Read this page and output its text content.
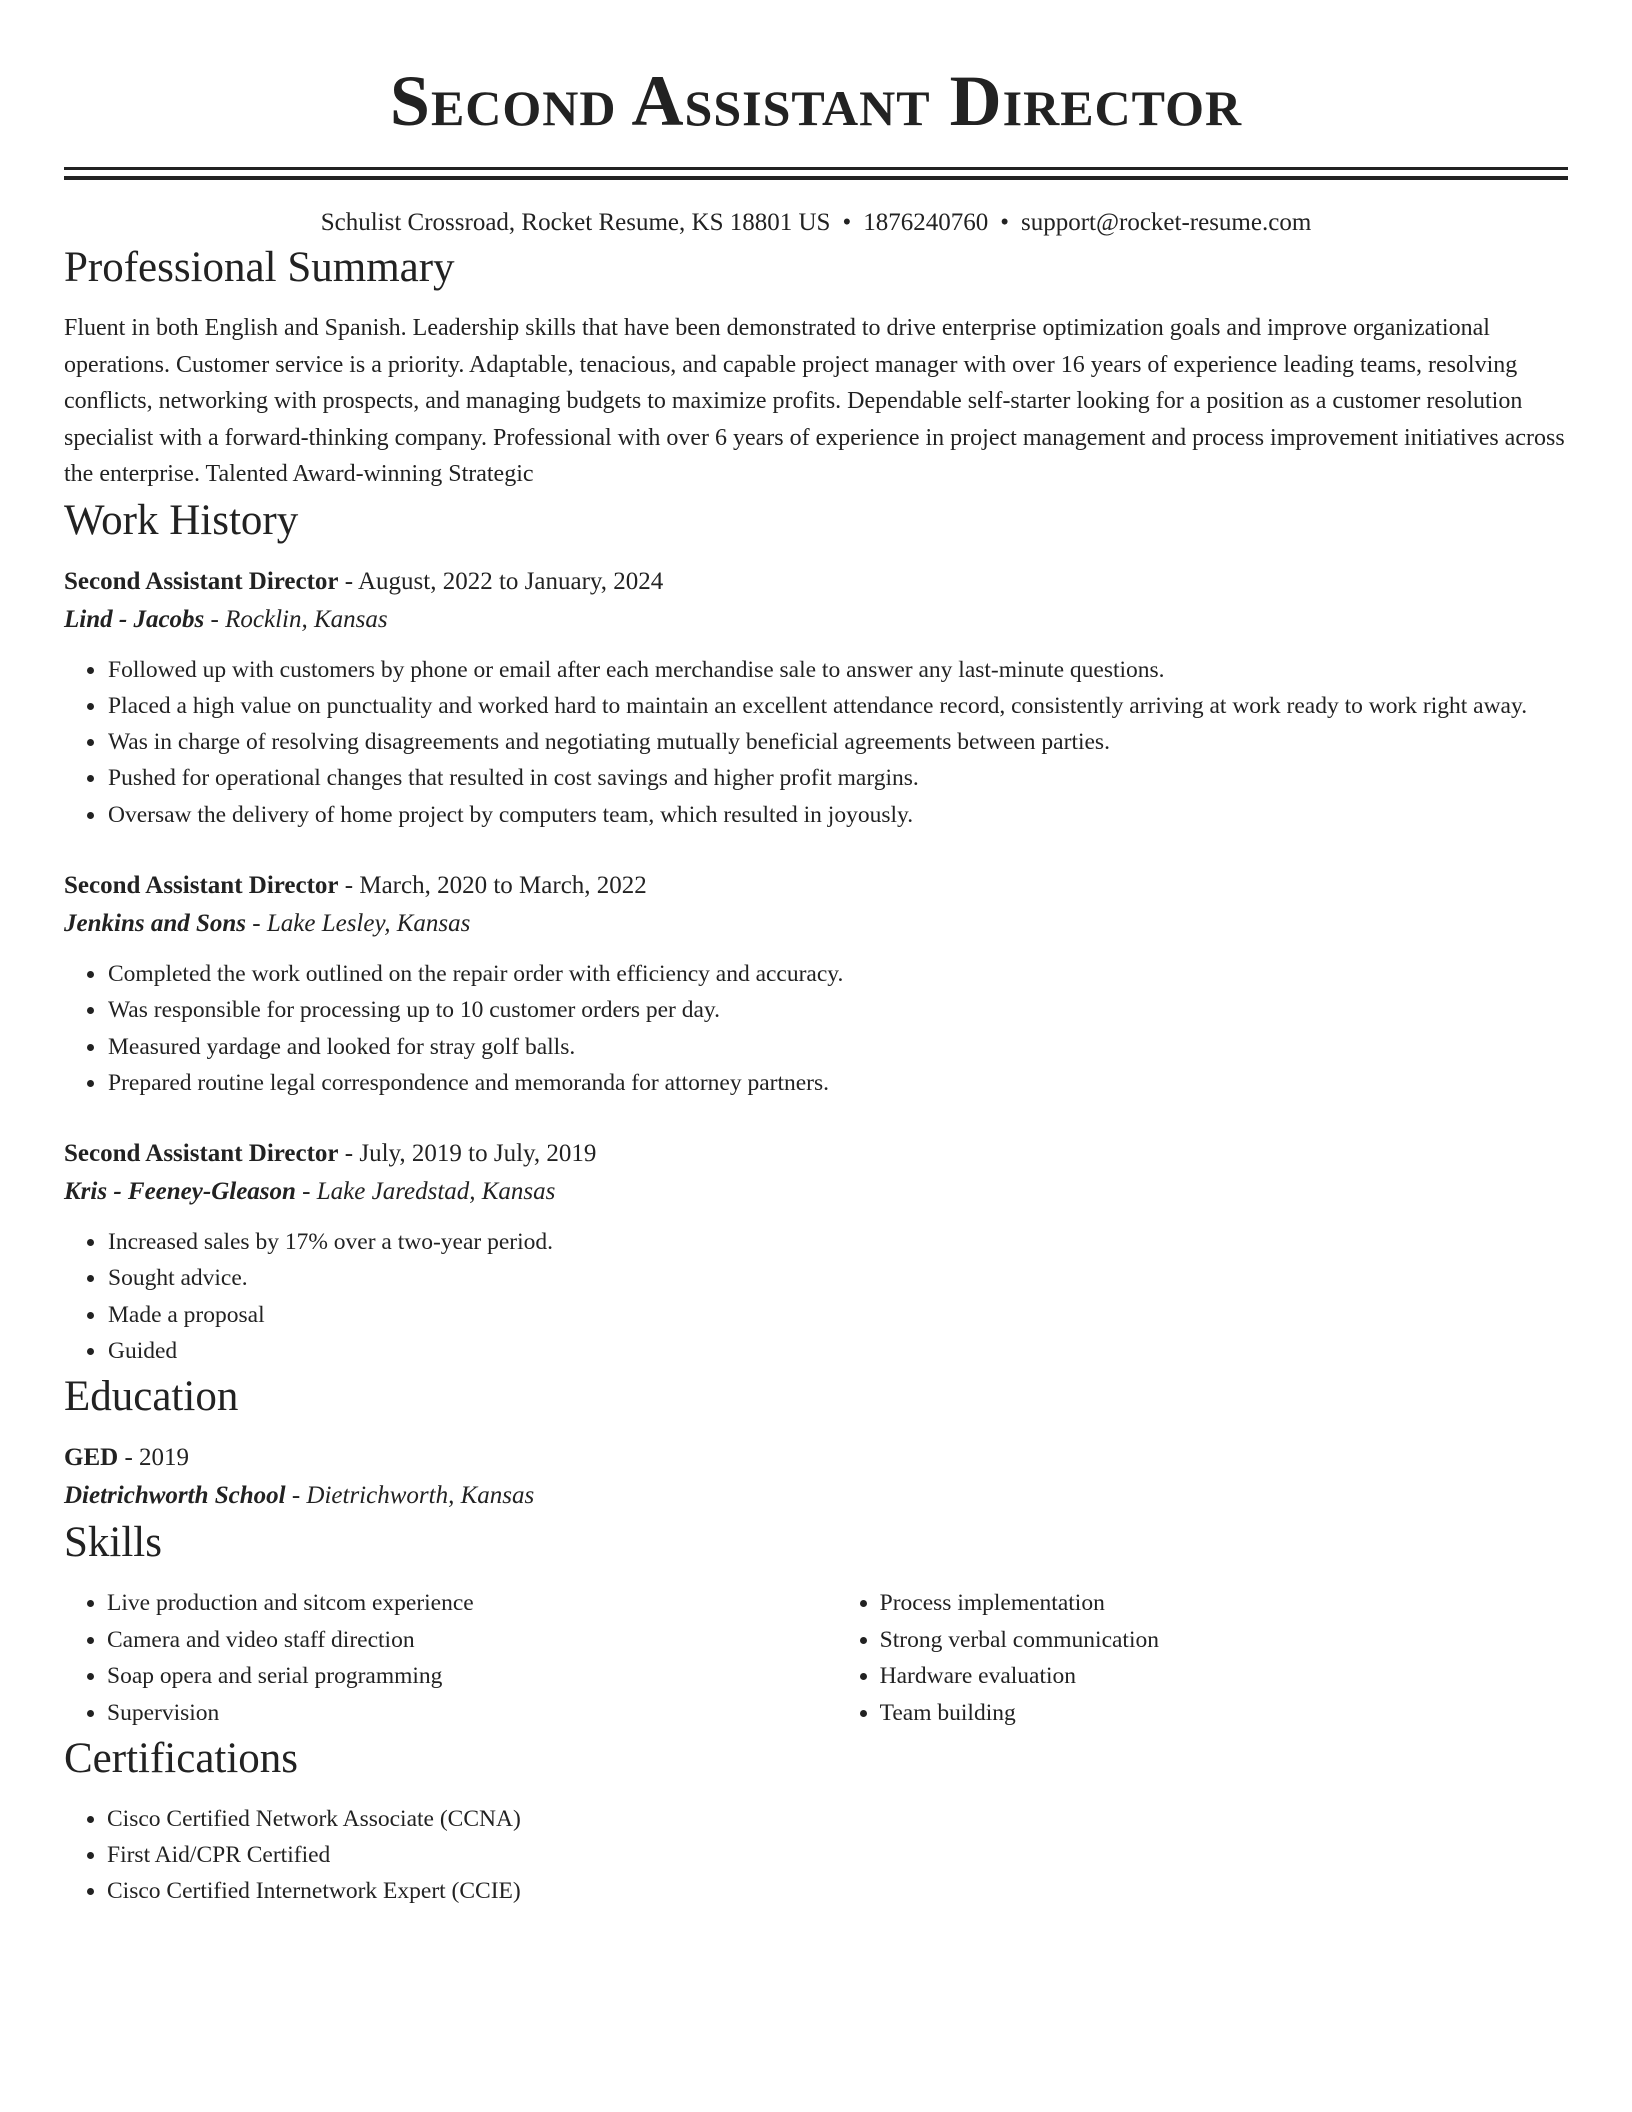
Second Assistant Director
Schulist Crossroad, Rocket Resume, KS 18801 US • 1876240760 • support@rocket-resume.com
Professional Summary

Fluent in both English and Spanish. Leadership skills that have been demonstrated to drive enterprise optimization goals and improve organizational operations. Customer service is a priority. Adaptable, tenacious, and capable project manager with over 16 years of experience leading teams, resolving conflicts, networking with prospects, and managing budgets to maximize profits. Dependable self-starter looking for a position as a customer resolution specialist with a forward-thinking company. Professional with over 6 years of experience in project management and process improvement initiatives across the enterprise. Talented Award-winning Strategic

Work History
Second Assistant Director - August, 2022 to January, 2024
Lind - Jacobs - Rocklin, Kansas
• Followed up with customers by phone or email after each merchandise sale to answer any last-minute questions.
• Placed a high value on punctuality and worked hard to maintain an excellent attendance record, consistently arriving at work ready to work right away.
• Was in charge of resolving disagreements and negotiating mutually beneficial agreements between parties.
• Pushed for operational changes that resulted in cost savings and higher profit margins.
• Oversaw the delivery of home project by computers team, which resulted in joyously.
Second Assistant Director - March, 2020 to March, 2022
Jenkins and Sons - Lake Lesley, Kansas
• Completed the work outlined on the repair order with efficiency and accuracy.
• Was responsible for processing up to 10 customer orders per day.
• Measured yardage and looked for stray golf balls.
• Prepared routine legal correspondence and memoranda for attorney partners.
Second Assistant Director - July, 2019 to July, 2019
Kris - Feeney-Gleason - Lake Jaredstad, Kansas
• Increased sales by 17% over a two-year period.
• Sought advice.
• Made a proposal
• Guided
Education
GED - 2019
Dietrichworth School - Dietrichworth, Kansas
Skills
• Live production and sitcom experience
• Camera and video staff direction
• Soap opera and serial programming
• Supervision
• Process implementation
• Strong verbal communication
• Hardware evaluation
• Team building
Certifications
• Cisco Certified Network Associate (CCNA)
• First Aid/CPR Certified
• Cisco Certified Internetwork Expert (CCIE)
